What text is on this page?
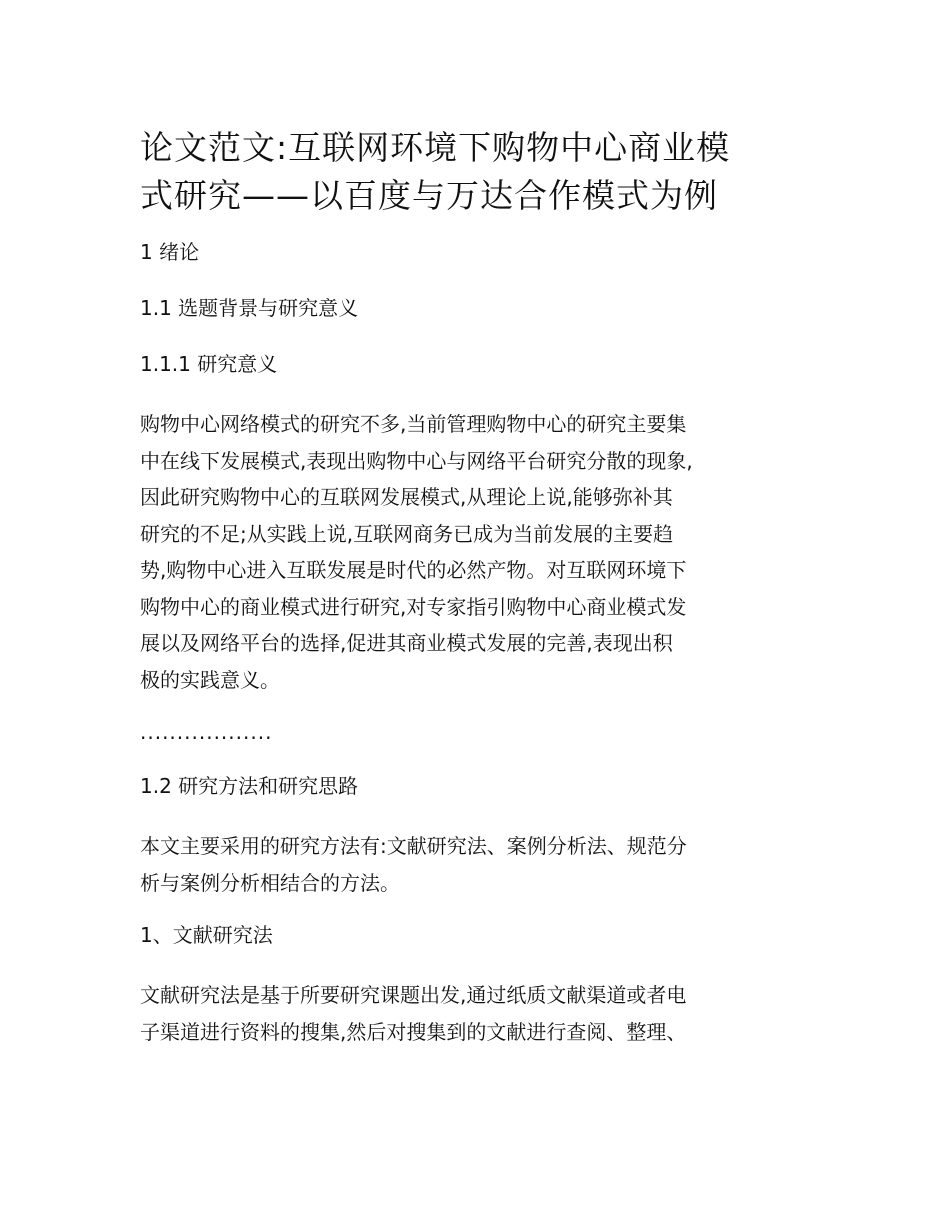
论文范文:互联网环境下购物中心商业模
式研究——以百度与万达合作模式为例
1 绪论
1.1 选题背景与研究意义
1.1.1 研究意义
购物中心网络模式的研究不多,当前管理购物中心的研究主要集
中在线下发展模式,表现出购物中心与网络平台研究分散的现象,
因此研究购物中心的互联网发展模式,从理论上说,能够弥补其
研究的不足;从实践上说,互联网商务已成为当前发展的主要趋
势,购物中心进入互联发展是时代的必然产物。对互联网环境下
购物中心的商业模式进行研究,对专家指引购物中心商业模式发
展以及网络平台的选择,促进其商业模式发展的完善,表现出积
极的实践意义。
..................
1.2 研究方法和研究思路
本文主要采用的研究方法有:文献研究法、案例分析法、规范分
析与案例分析相结合的方法。
1、文献研究法
文献研究法是基于所要研究课题出发,通过纸质文献渠道或者电
子渠道进行资料的搜集,然后对搜集到的文献进行查阅、整理、
